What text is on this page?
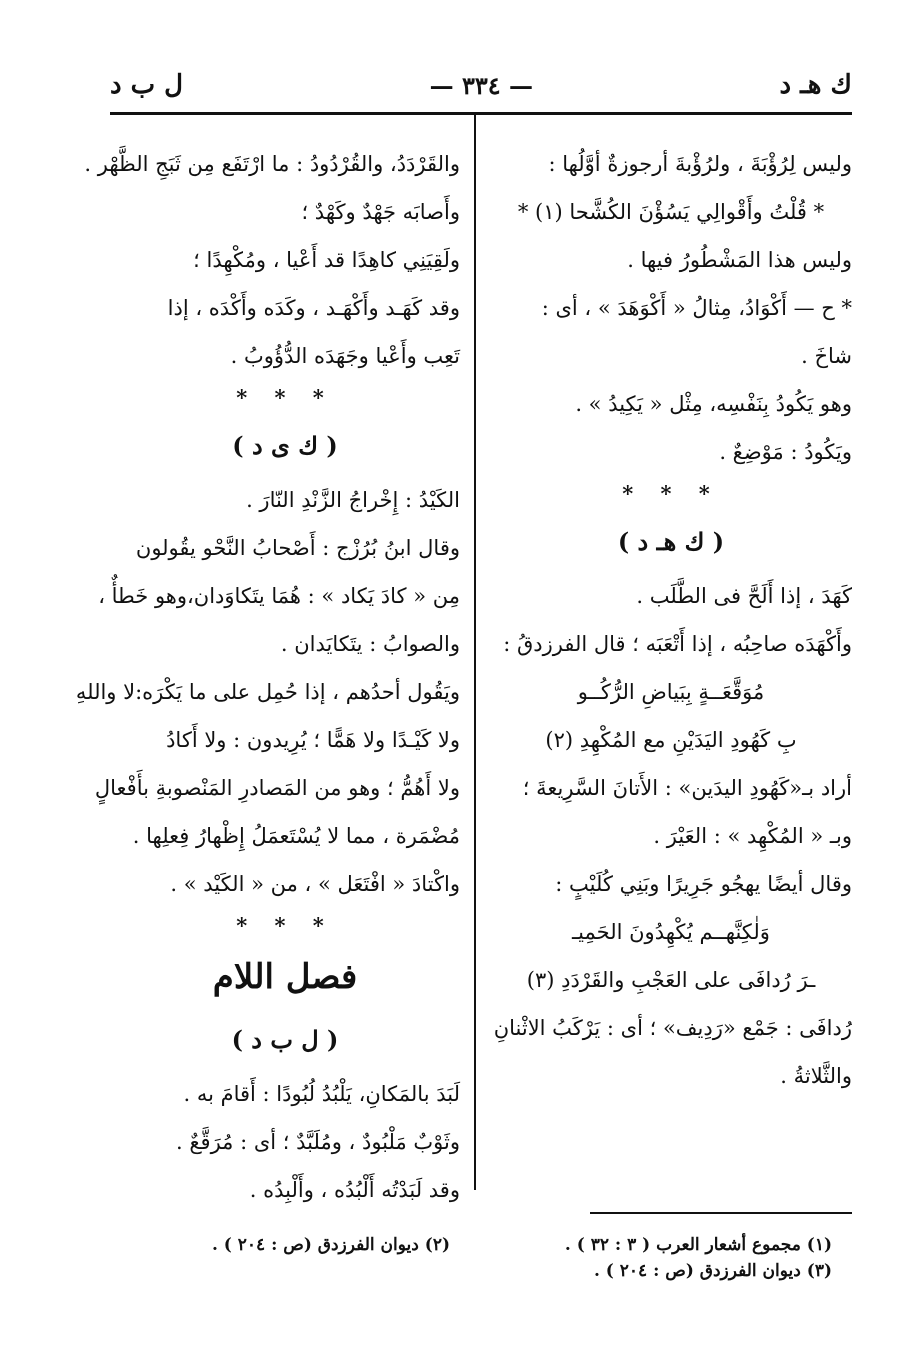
ك هـ د
— ٣٣٤ —
ل ب د
وليس لِرُؤْبَةَ ، ولرُؤْبةَ أرجوزةٌ أوَّلُها :
* قُلْتُ وأَقْوالِي يَسُؤْنَ الكُشَّحا (١) *
وليس هذا المَشْطُورُ فيها .
* ح — أَكْوَادُ، مِثالُ « أَكْوَهَدَ » ، أى :
شاخَ .
وهو يَكُودُ بِنَفْسِه، مِثْل « يَكِيدُ » .
ويَكُودُ : مَوْضِعٌ .
* * *
( ك هـ د )
كَهَدَ ، إذا أَلَحَّ فى الطَّلَب .
وأَكْهَدَه صاحِبُه ، إذا أَتْعَبَه ؛ قال الفرزدقُ :
مُوَقَّعَــةٍ بِبَياضِ الرُّكُــو
بِ كَهُودِ اليَدَيْنِ مع المُكْهِدِ (٢)
أراد بـ«كَهُودِ اليدَين» : الأَتانَ السَّرِيعةَ ؛
وبـ « المُكْهِد » : العَيْرَ .
وقال أيضًا يهجُو جَرِيرًا وبَنِي كُلَيْبٍ :
وَلٰكِنَّهــم يُكْهِدُونَ الحَمِيـ
ـرَ رُدافَى على العَجْبِ والقَرْدَدِ (٣)
رُدافَى : جَمْع «رَدِيف» ؛ أى : يَرْكَبُ الاثْنانِ
والثَّلاثةُ .
والقَرْدَدُ، والقُرْدُودُ : ما ارْتَفَع مِن ثَبَجِ الظَّهْر .
وأَصابَه جَهْدٌ وكَهْدٌ ؛
ولَقِيَنِي كاهِدًا قد أَعْيا ، ومُكْهِدًا ؛
وقد كَهَـد وأَكْهَـد ، وكَدَه وأَكْدَه ، إذا
تَعِب وأَعْيا وجَهَدَه الدُّؤُوبُ .
* * *
( ك ى د )
الكَيْدُ : إِخْراجُ الزَّنْدِ النّارَ .
وقال ابنُ بُرُزْج : أَصْحابُ النَّحْو يقُولون
مِن « كادَ يَكاد » : هُمَا يتَكاوَدان،وهو خَطأٌ ،
والصوابُ : يتَكايَدان .
ويَقُول أحدُهم ، إذا حُمِل على ما يَكْرَه:لا واللهِ
ولا كَيْـدًا ولا هَمًّا ؛ يُرِيدون : ولا أَكادُ
ولا أَهُمُّ ؛ وهو من المَصادرِ المَنْصوبةِ بأَفْعالٍ
مُضْمَرة ، مما لا يُسْتَعمَلُ إِظْهارُ فِعلِها .
واكْتادَ « افْتَعَل » ، من « الكَيْد » .
* * *
فصل اللام
( ل ب د )
لَبَدَ بالمَكانِ، يَلْبُدُ لُبُودًا : أَقامَ به .
وثَوْبٌ مَلْبُودٌ ، ومُلَبَّدٌ ؛ أى : مُرَقَّعٌ .
وقد لَبَدْتُه أَلْبُدُه ، وأَلْبِدُه .
(١) مجموع أشعار العرب ( ٣ : ٣٢ ) .
(٣) ديوان الفرزدق (ص : ٢٠٤ ) .
(٢) ديوان الفرزدق (ص : ٢٠٤ ) .
